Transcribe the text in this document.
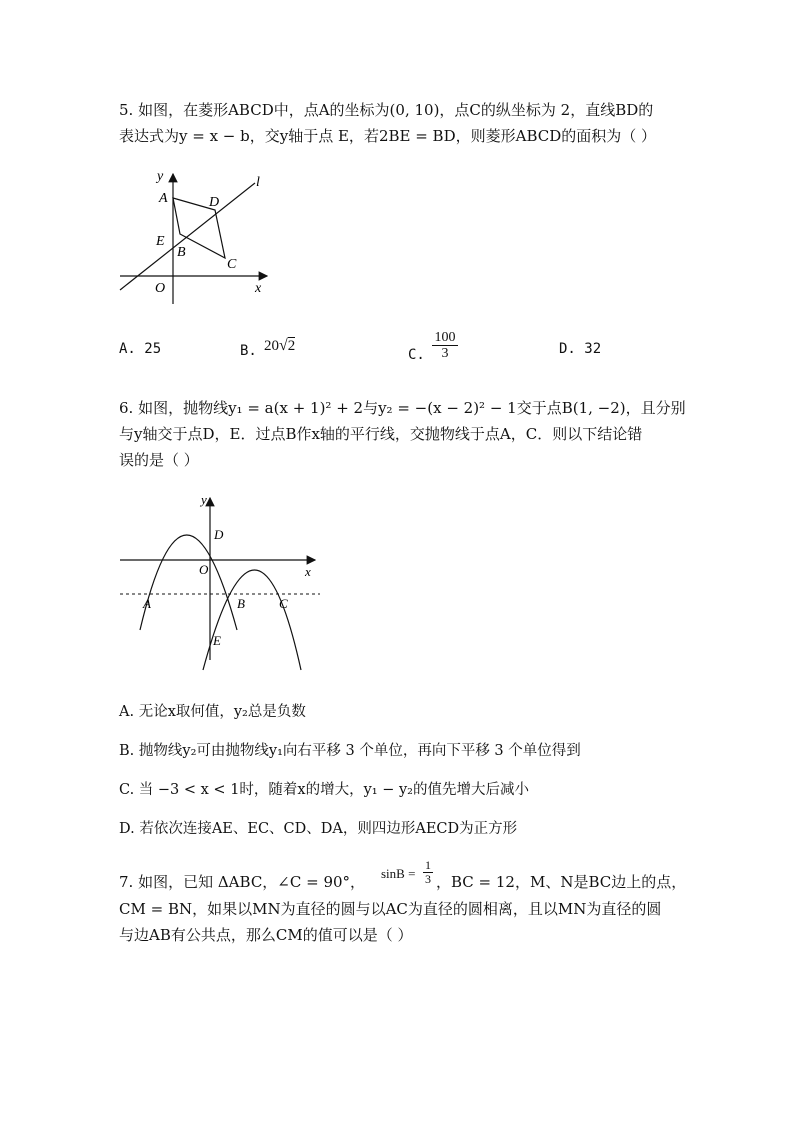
5. 如图，在菱形ABCD中，点A的坐标为(0, 10)，点C的纵坐标为 2，直线BD的
表达式为y = x − b，交y轴于点 E，若2BE = BD，则菱形ABCD的面积为（ ）
y	l
A	D
E
B
C
O	x
A. 25	B. 20√2
C. $\frac{100}{3}$	D. 32
6. 如图，抛物线y₁ = a(x + 1)² + 2与y₂ = −(x − 2)² − 1交于点B(1, −2)，且分别
与y轴交于点D，E．过点B作x轴的平行线，交抛物线于点A，C．则以下结论错
误的是（ ）
y
D
O	x
A	B	C
E
A. 无论x取何值，y₂总是负数
B. 抛物线y₂可由抛物线y₁向右平移 3 个单位，再向下平移 3 个单位得到
C. 当 −3 < x < 1时，随着x的增大，y₁ − y₂的值先增大后减小
D. 若依次连接AE、EC、CD、DA，则四边形AECD为正方形
7. 如图，已知 ΔABC，∠C = 90°， $\sin B = \frac{1}{3}$ ，BC = 12，M、N是BC边上的点，
CM = BN，如果以MN为直径的圆与以AC为直径的圆相离，且以MN为直径的圆
与边AB有公共点，那么CM的值可以是（ ）
